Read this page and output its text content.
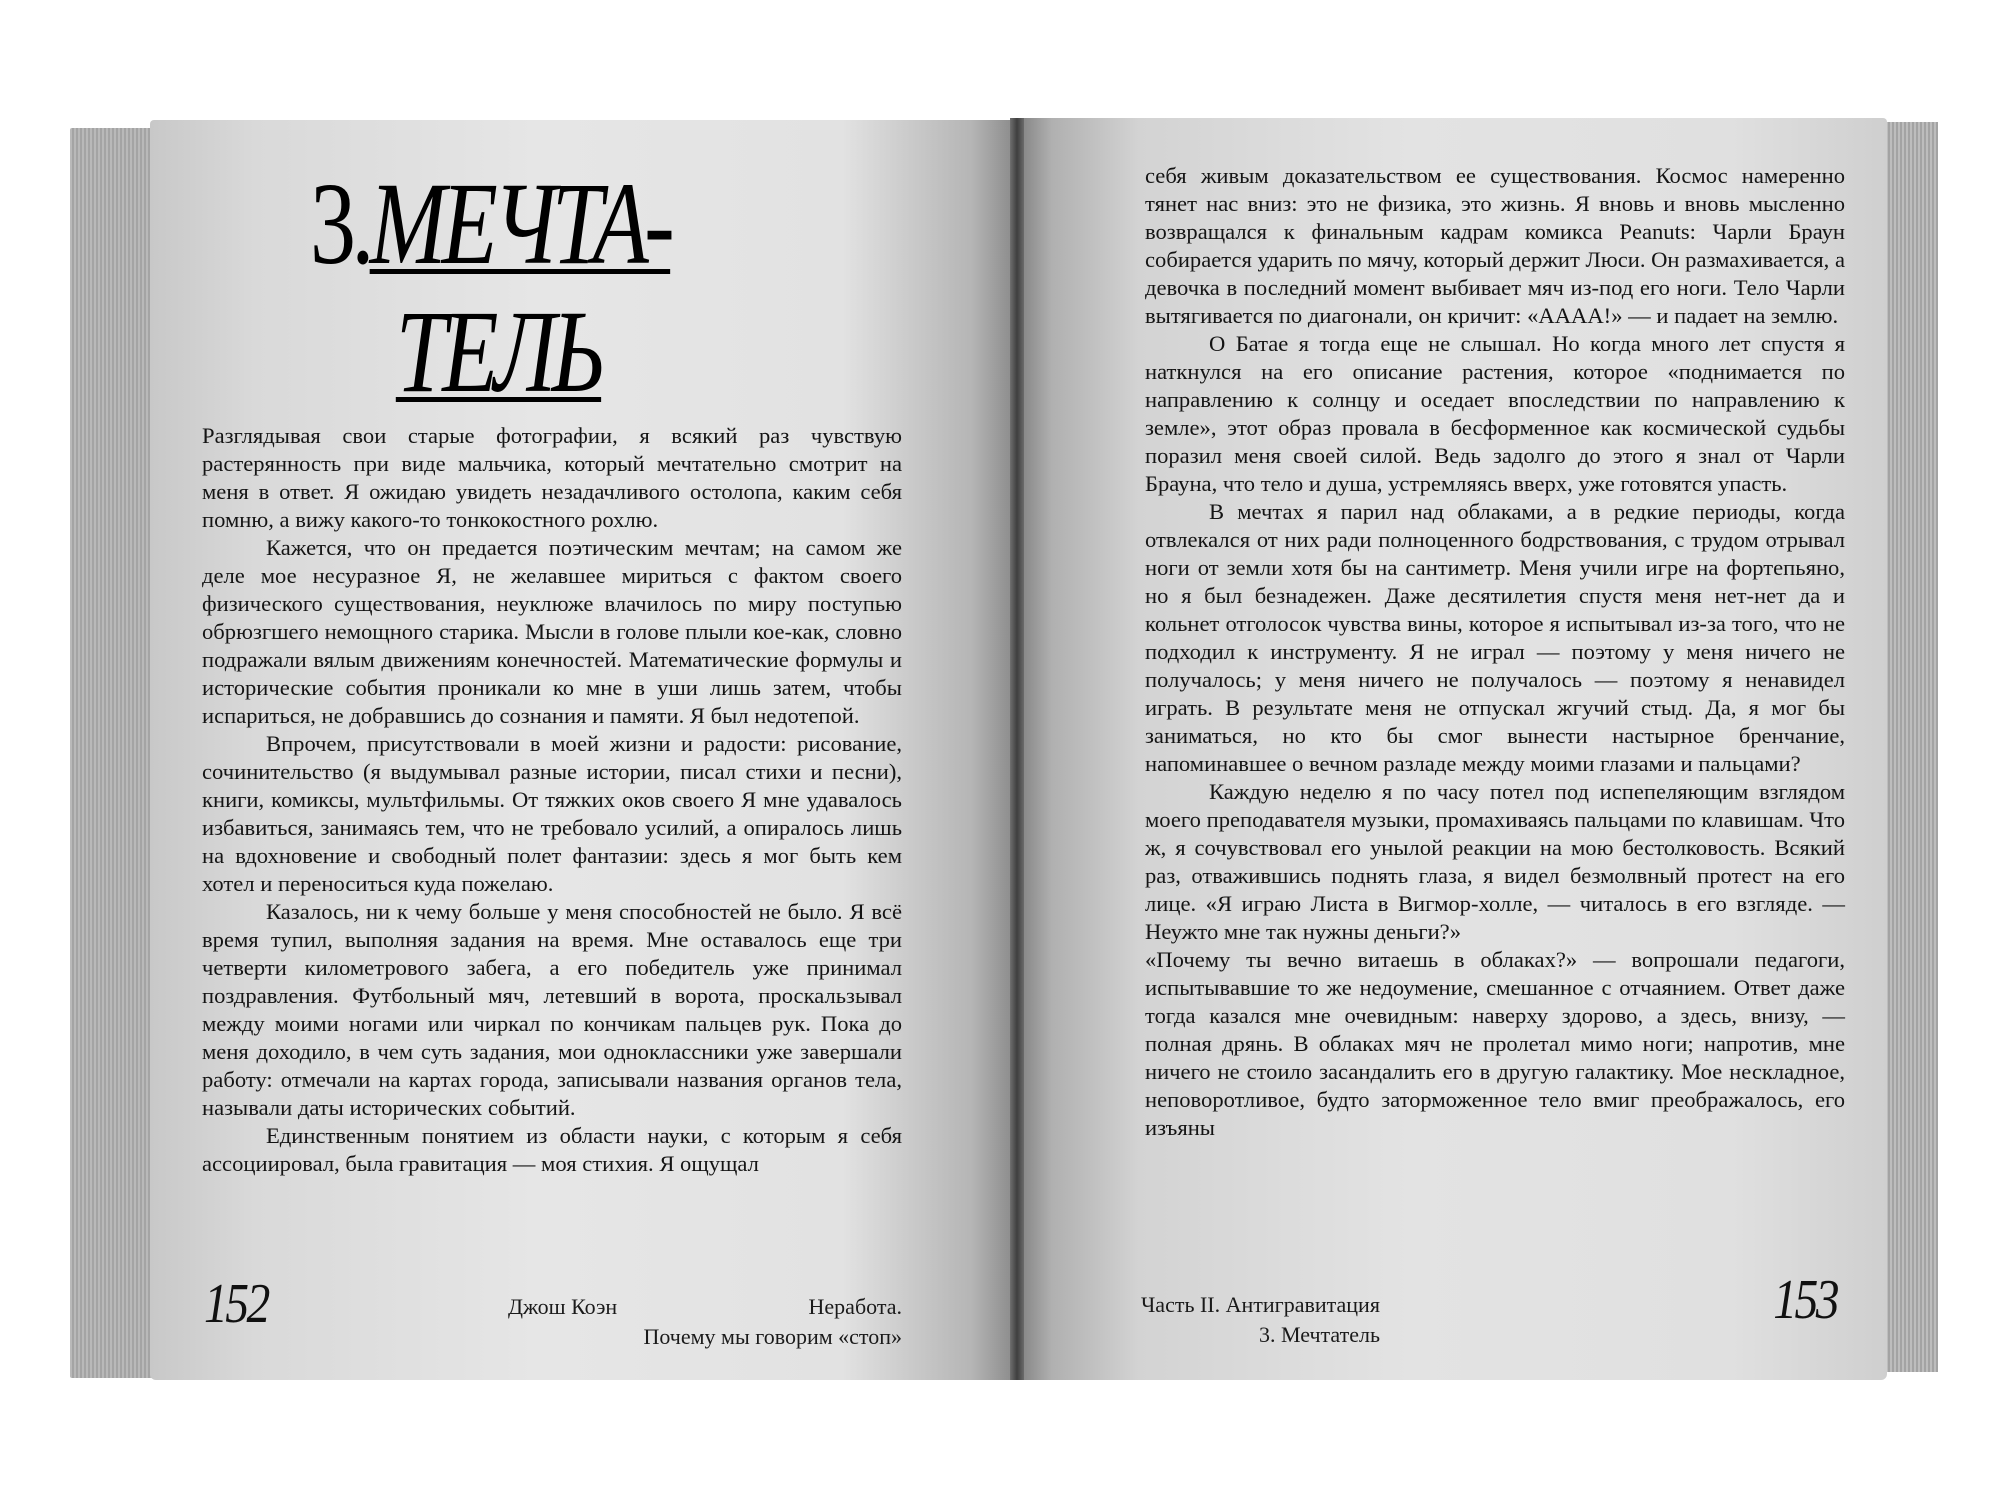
3.МЕЧТА-
ТЕЛЬ

Разглядывая свои старые фотографии, я всякий раз чувствую растерянность при виде мальчика, который мечтательно смотрит на меня в ответ. Я ожидаю увидеть незадачливого остолопа, каким себя помню, а вижу какого-то тонкокостного рохлю.

Кажется, что он предается поэтическим мечтам; на самом же деле мое несуразное Я, не желавшее мириться с фактом своего физического существования, неуклюже влачилось по миру поступью обрюзгшего немощного старика. Мысли в голове плыли кое-как, словно подражали вялым движениям конечностей. Математические формулы и исторические события проникали ко мне в уши лишь затем, чтобы испариться, не добравшись до сознания и памяти. Я был недотепой.

Впрочем, присутствовали в моей жизни и радости: рисование, сочинительство (я выдумывал разные истории, писал стихи и песни), книги, комиксы, мультфильмы. От тяжких оков своего Я мне удавалось избавиться, занимаясь тем, что не требовало усилий, а опиралось лишь на вдохновение и свободный полет фантазии: здесь я мог быть кем хотел и переноситься куда пожелаю.

Казалось, ни к чему больше у меня способностей не было. Я всё время тупил, выполняя задания на время. Мне оставалось еще три четверти километрового забега, а его победитель уже принимал поздравления. Футбольный мяч, летевший в ворота, проскальзывал между моими ногами или чиркал по кончикам пальцев рук. Пока до меня доходило, в чем суть задания, мои одноклассники уже завершали работу: отмечали на картах города, записывали названия органов тела, называли даты исторических событий.

Единственным понятием из области науки, с которым я себя ассоциировал, была гравитация — моя стихия. Я ощущал

152	Джош Коэн	Неработа.
Почему мы говорим «стоп»

себя живым доказательством ее существования. Космос намеренно тянет нас вниз: это не физика, это жизнь. Я вновь и вновь мысленно возвращался к финальным кадрам комикса Peanuts: Чарли Браун собирается ударить по мячу, который держит Люси. Он размахивается, а девочка в последний момент выбивает мяч из-под его ноги. Тело Чарли вытягивается по диагонали, он кричит: «АААА!» — и падает на землю.

О Батае я тогда еще не слышал. Но когда много лет спустя я наткнулся на его описание растения, которое «поднимается по направлению к солнцу и оседает впоследствии по направлению к земле», этот образ провала в бесформенное как космической судьбы поразил меня своей силой. Ведь задолго до этого я знал от Чарли Брауна, что тело и душа, устремляясь вверх, уже готовятся упасть.

В мечтах я парил над облаками, а в редкие периоды, когда отвлекался от них ради полноценного бодрствования, с трудом отрывал ноги от земли хотя бы на сантиметр. Меня учили игре на фортепьяно, но я был безнадежен. Даже десятилетия спустя меня нет-нет да и кольнет отголосок чувства вины, которое я испытывал из-за того, что не подходил к инструменту. Я не играл — поэтому у меня ничего не получалось; у меня ничего не получалось — поэтому я ненавидел играть. В результате меня не отпускал жгучий стыд. Да, я мог бы заниматься, но кто бы смог вынести настырное бренчание, напоминавшее о вечном разладе между моими глазами и пальцами?

Каждую неделю я по часу потел под испепеляющим взглядом моего преподавателя музыки, промахиваясь пальцами по клавишам. Что ж, я сочувствовал его унылой реакции на мою бестолковость. Всякий раз, отважившись поднять глаза, я видел безмолвный протест на его лице. «Я играю Листа в Вигмор-холле, — читалось в его взгляде. — Неужто мне так нужны деньги?»

«Почему ты вечно витаешь в облаках?» — вопрошали педагоги, испытывавшие то же недоумение, смешанное с отчаянием. Ответ даже тогда казался мне очевидным: наверху здорово, а здесь, внизу, — полная дрянь. В облаках мяч не пролетал мимо ноги; напротив, мне ничего не стоило засандалить его в другую галактику. Мое нескладное, неповоротливое, будто заторможенное тело вмиг преображалось, его изъяны

Часть II. Антигравитация
3. Мечтатель
153
